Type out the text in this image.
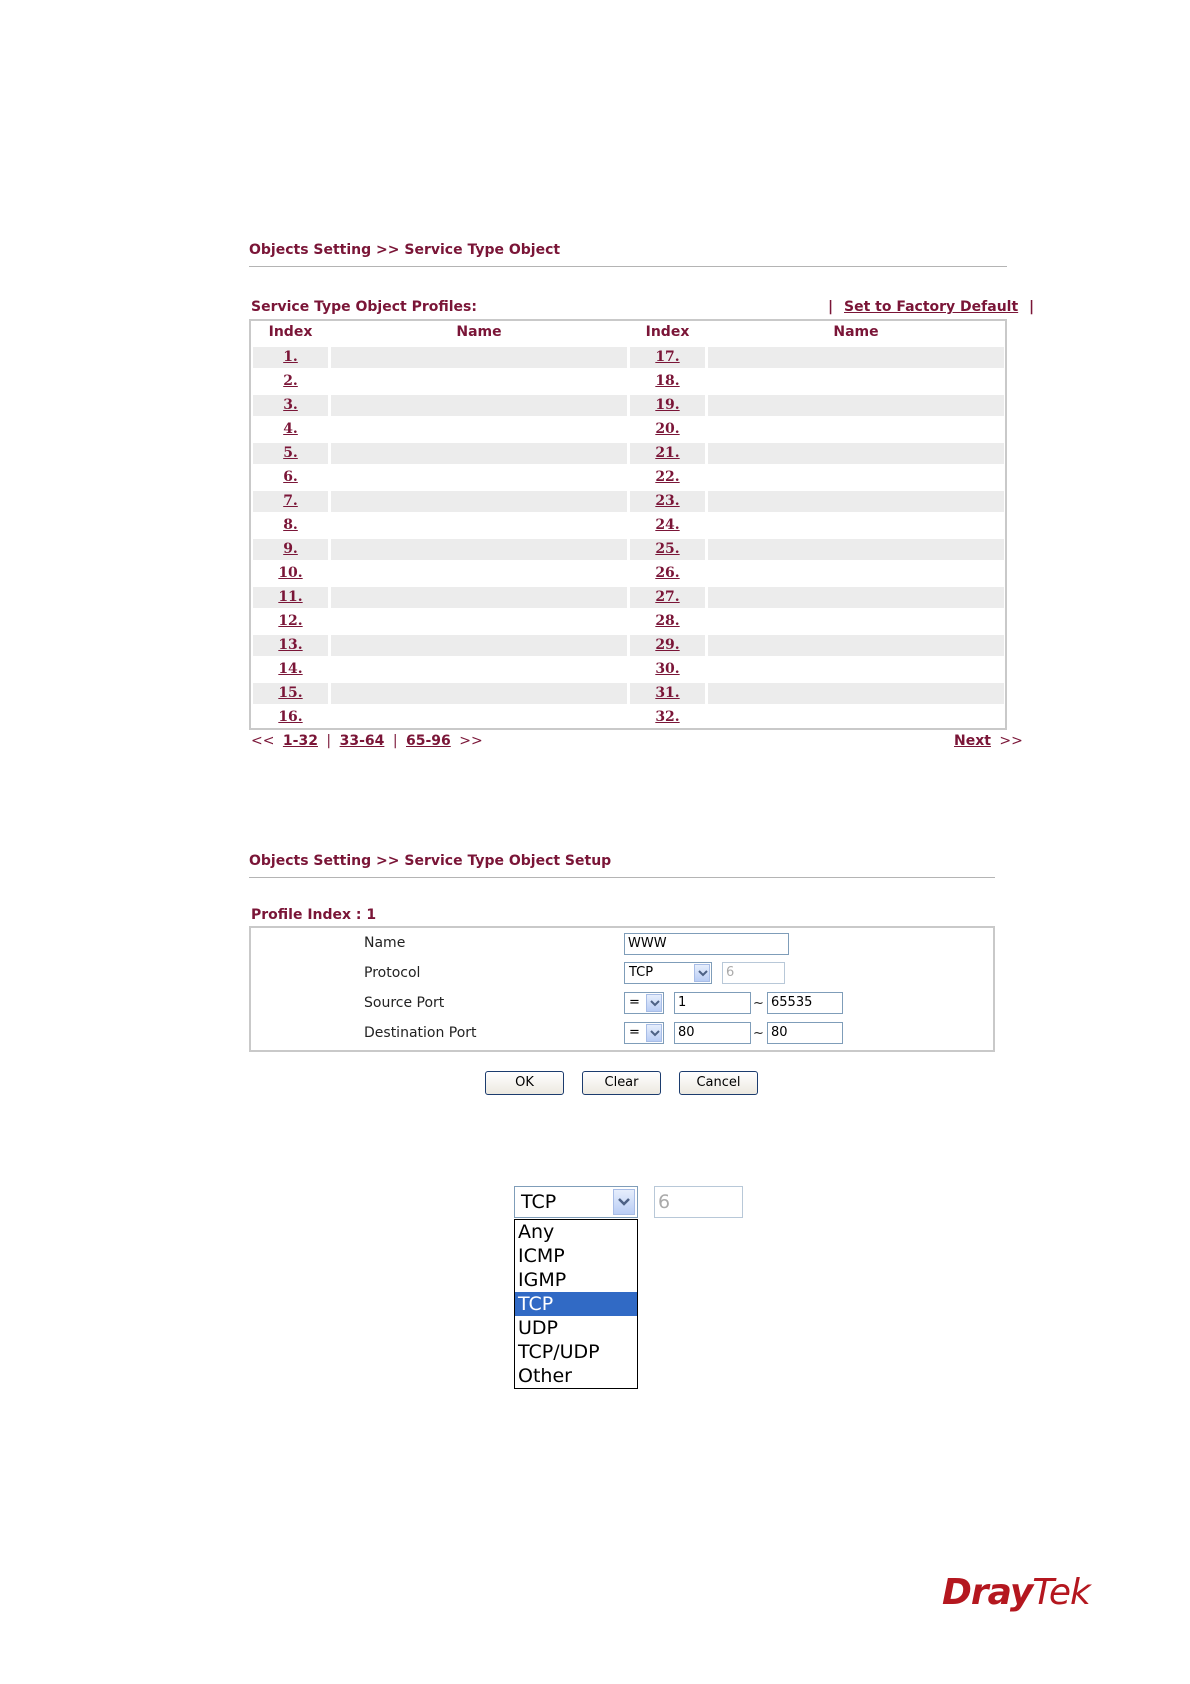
Objects Setting >> Service Type Object
Service Type Object Profiles:	| Set to Factory Default |
Index	Name	Index	Name
1.	17.
2.	18.
3.	19.
4.	20.
5.	21.
6.	22.
7.	23.
8.	24.
9.	25.
10.	26.
11.	27.
12.	28.
13.	29.
14.	30.
15.	31.
16.	32.
<< 1-32 | 33-64 | 65-96 >>	Next >>
Objects Setting >> Service Type Object Setup
Profile Index : 1
Name	WWW
Protocol	TCP	6
Source Port	=	1	~ 65535
Destination Port	=	80	~ 80
OK	Clear	Cancel
TCP	6
Any
ICMP
IGMP
TCP
UDP
TCP/UDP
Other
DrayTek
